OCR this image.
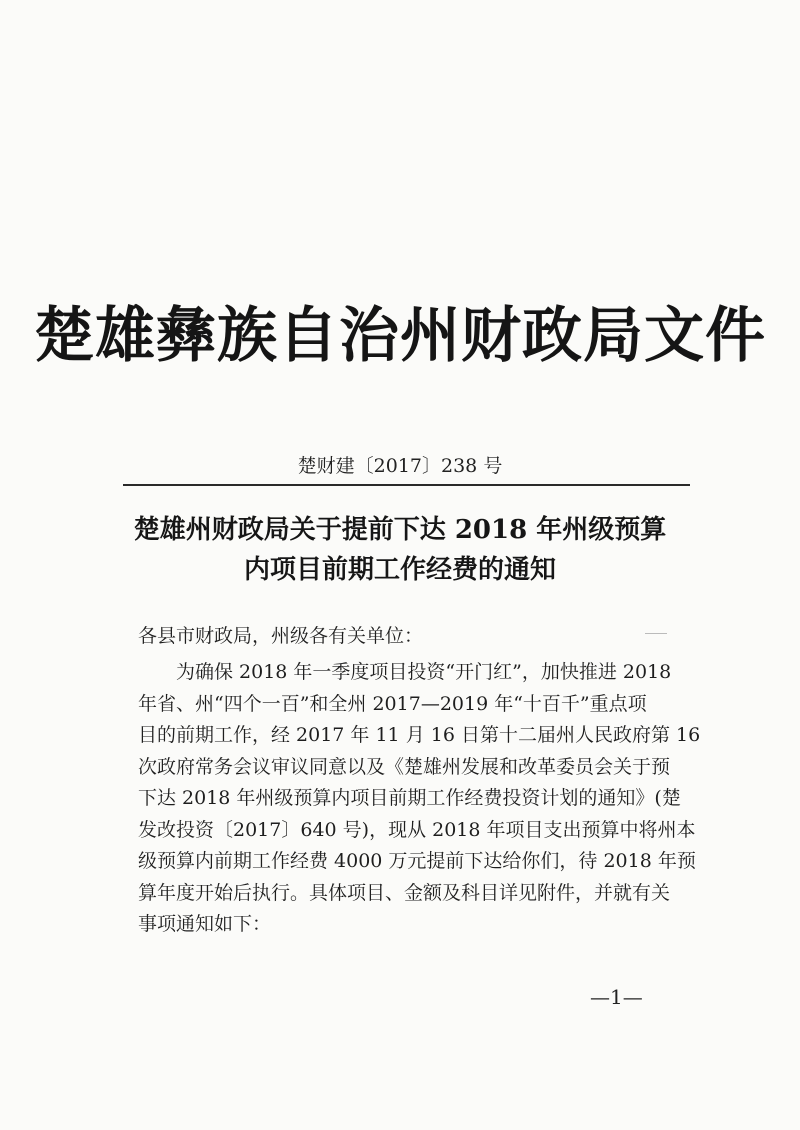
楚雄彝族自治州财政局文件
楚财建〔2017〕238 号
楚雄州财政局关于提前下达 2018 年州级预算
内项目前期工作经费的通知
各县市财政局，州级各有关单位：
为确保 2018 年一季度项目投资“开门红”，加快推进 2018
年省、州“四个一百”和全州 2017—2019 年“十百千”重点项
目的前期工作，经 2017 年 11 月 16 日第十二届州人民政府第 16
次政府常务会议审议同意以及《楚雄州发展和改革委员会关于预
下达 2018 年州级预算内项目前期工作经费投资计划的通知》(楚
发改投资〔2017〕640 号)，现从 2018 年项目支出预算中将州本
级预算内前期工作经费 4000 万元提前下达给你们，待 2018 年预
算年度开始后执行。具体项目、金额及科目详见附件，并就有关
事项通知如下：
—1—
